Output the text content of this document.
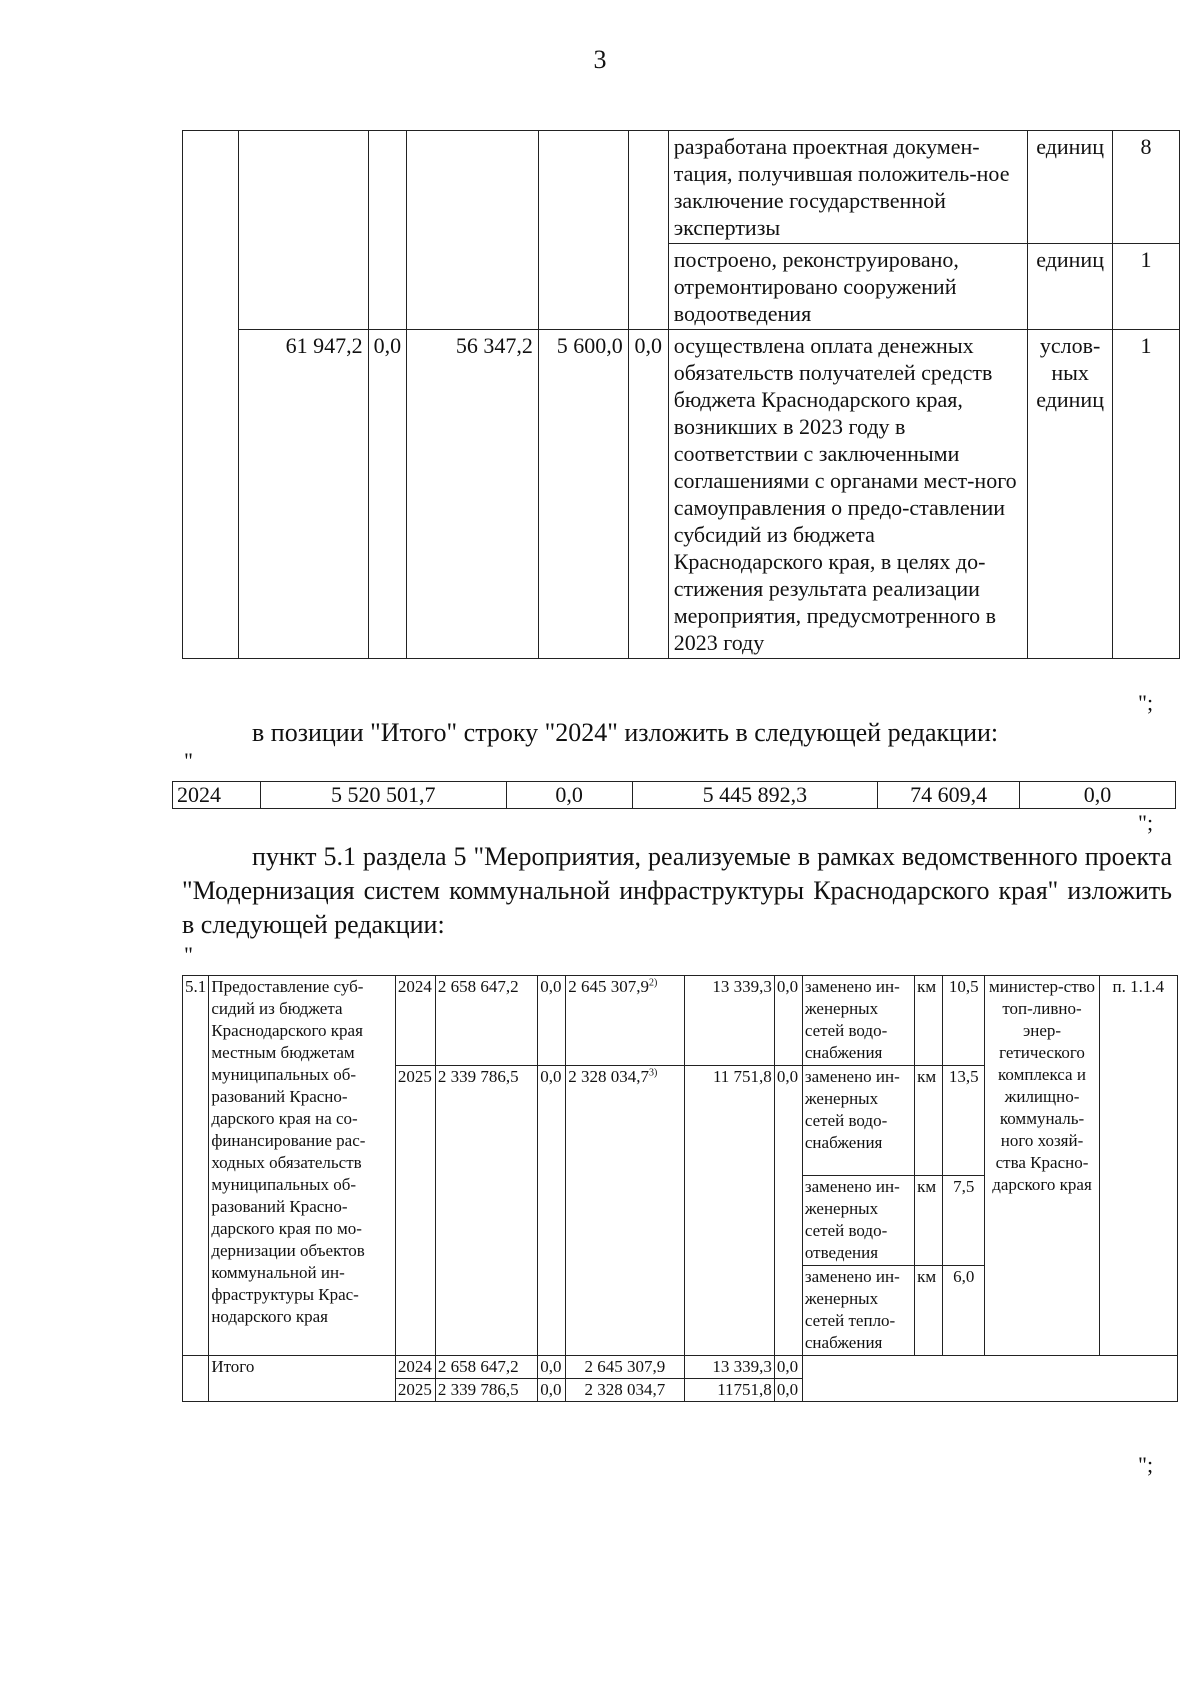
3
						разработана проектная докумен-тация, получившая положитель-ное заключение государственной экспертизы	единиц	8
						построено, реконструировано, отремонтировано сооружений водоотведения	единиц	1
	61 947,2	0,0	56 347,2	5 600,0	0,0	осуществлена оплата денежных обязательств получателей средств бюджета Краснодарского края, возникших в 2023 году в соответствии с заключенными соглашениями с органами мест-ного самоуправления о предо-ставлении субсидий из бюджета Краснодарского края, в целях до-стижения результата реализации мероприятия, предусмотренного в 2023 году	услов-ных единиц	1
";
в позиции "Итого" строку "2024" изложить в следующей редакции:
"
2024	5 520 501,7	0,0	5 445 892,3	74 609,4	0,0
";
пункт 5.1 раздела 5 "Мероприятия, реализуемые в рамках ведомственного проекта "Модернизация систем коммунальной инфраструктуры Краснодарского края" изложить в следующей редакции:
"
5.1	Предоставление суб-сидий из бюджета Краснодарского края местным бюджетам муниципальных об-разований Красно-дарского края на со-финансирование рас-ходных обязательств муниципальных об-разований Красно-дарского края по мо-дернизации объектов коммунальной ин-фраструктуры Крас-нодарского края	2024	2 658 647,2	0,0	2 645 307,9$^{2)}$	13 339,3	0,0	заменено ин-женерных сетей водо-снабжения	км	10,5	министер-ство топ-ливно-энер-гетического комплекса и жилищно-коммуналь-ного хозяй-ства Красно-дарского края	п. 1.1.4
		2025	2 339 786,5	0,0	2 328 034,7$^{3)}$	11 751,8	0,0	заменено ин-женерных сетей водо-снабжения	км	13,5		
								заменено ин-женерных сетей водо-отведения	км	7,5		
								заменено ин-женерных сетей тепло-снабжения	км	6,0		
	Итого	2024	2 658 647,2	0,0	2 645 307,9	13 339,3	0,0					
		2025	2 339 786,5	0,0	2 328 034,7	11751,8	0,0					
";
